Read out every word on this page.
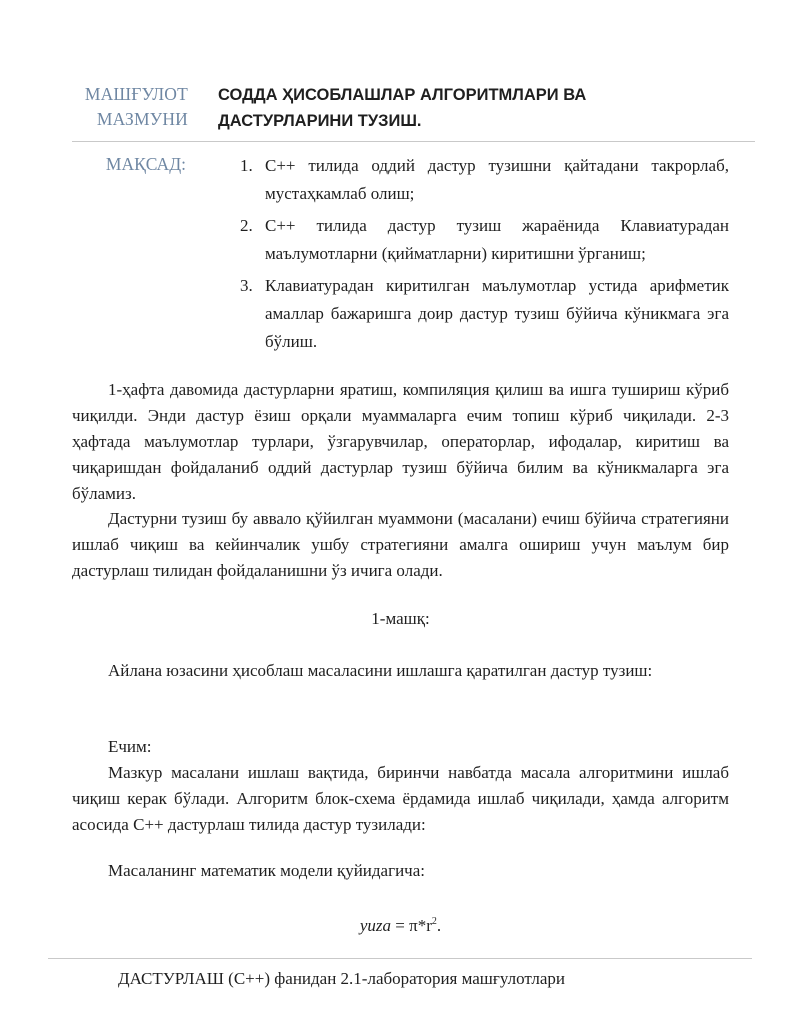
МАШҒУЛОТ
МАЗМУНИ
СОДДА ҲИСОБЛАШЛАР АЛГОРИТМЛАРИ ВА
ДАСТУРЛАРИНИ ТУЗИШ.
МАҚСАД:	1. С++ тилида оддий дастур тузишни қайтадани такрорлаб, мустаҳкамлаб олиш;
2. С++ тилида дастур тузиш жараёнида Клавиатурадан маълумотларни (қийматларни) киритишни ўрганиш;
3. Клавиатурадан киритилган маълумотлар устида арифметик амаллар бажаришга доир дастур тузиш бўйича кўникмага эга бўлиш.

1-ҳафта давомида дастурларни яратиш, компиляция қилиш ва ишга тушириш кўриб чиқилди. Энди дастур ёзиш орқали муаммаларга ечим топиш кўриб чиқилади. 2-3 ҳафтада маълумотлар турлари, ўзгарувчилар, операторлар, ифодалар, киритиш ва чиқаришдан фойдаланиб оддий дастурлар тузиш бўйича билим ва кўникмаларга эга бўламиз.

Дастурни тузиш бу аввало қўйилган муаммони (масалани) ечиш бўйича стратегияни ишлаб чиқиш ва кейинчалик ушбу стратегияни амалга ошириш учун маълум бир дастурлаш тилидан фойдаланишни ўз ичига олади.

1-машқ:

Айлана юзасини ҳисоблаш масаласини ишлашга қаратилган дастур тузиш:

Ечим:

Мазкур масалани ишлаш вақтида, биринчи навбатда масала алгоритмини ишлаб чиқиш керак бўлади. Алгоритм блок-схема ёрдамида ишлаб чиқилади, ҳамда алгоритм асосида С++ дастурлаш тилида дастур тузилади:

Масаланинг математик модели қуйидагича:

yuza = $\pi*r^2$.
ДАСТУРЛАШ (С++) фанидан 2.1-лаборатория машғулотлари
